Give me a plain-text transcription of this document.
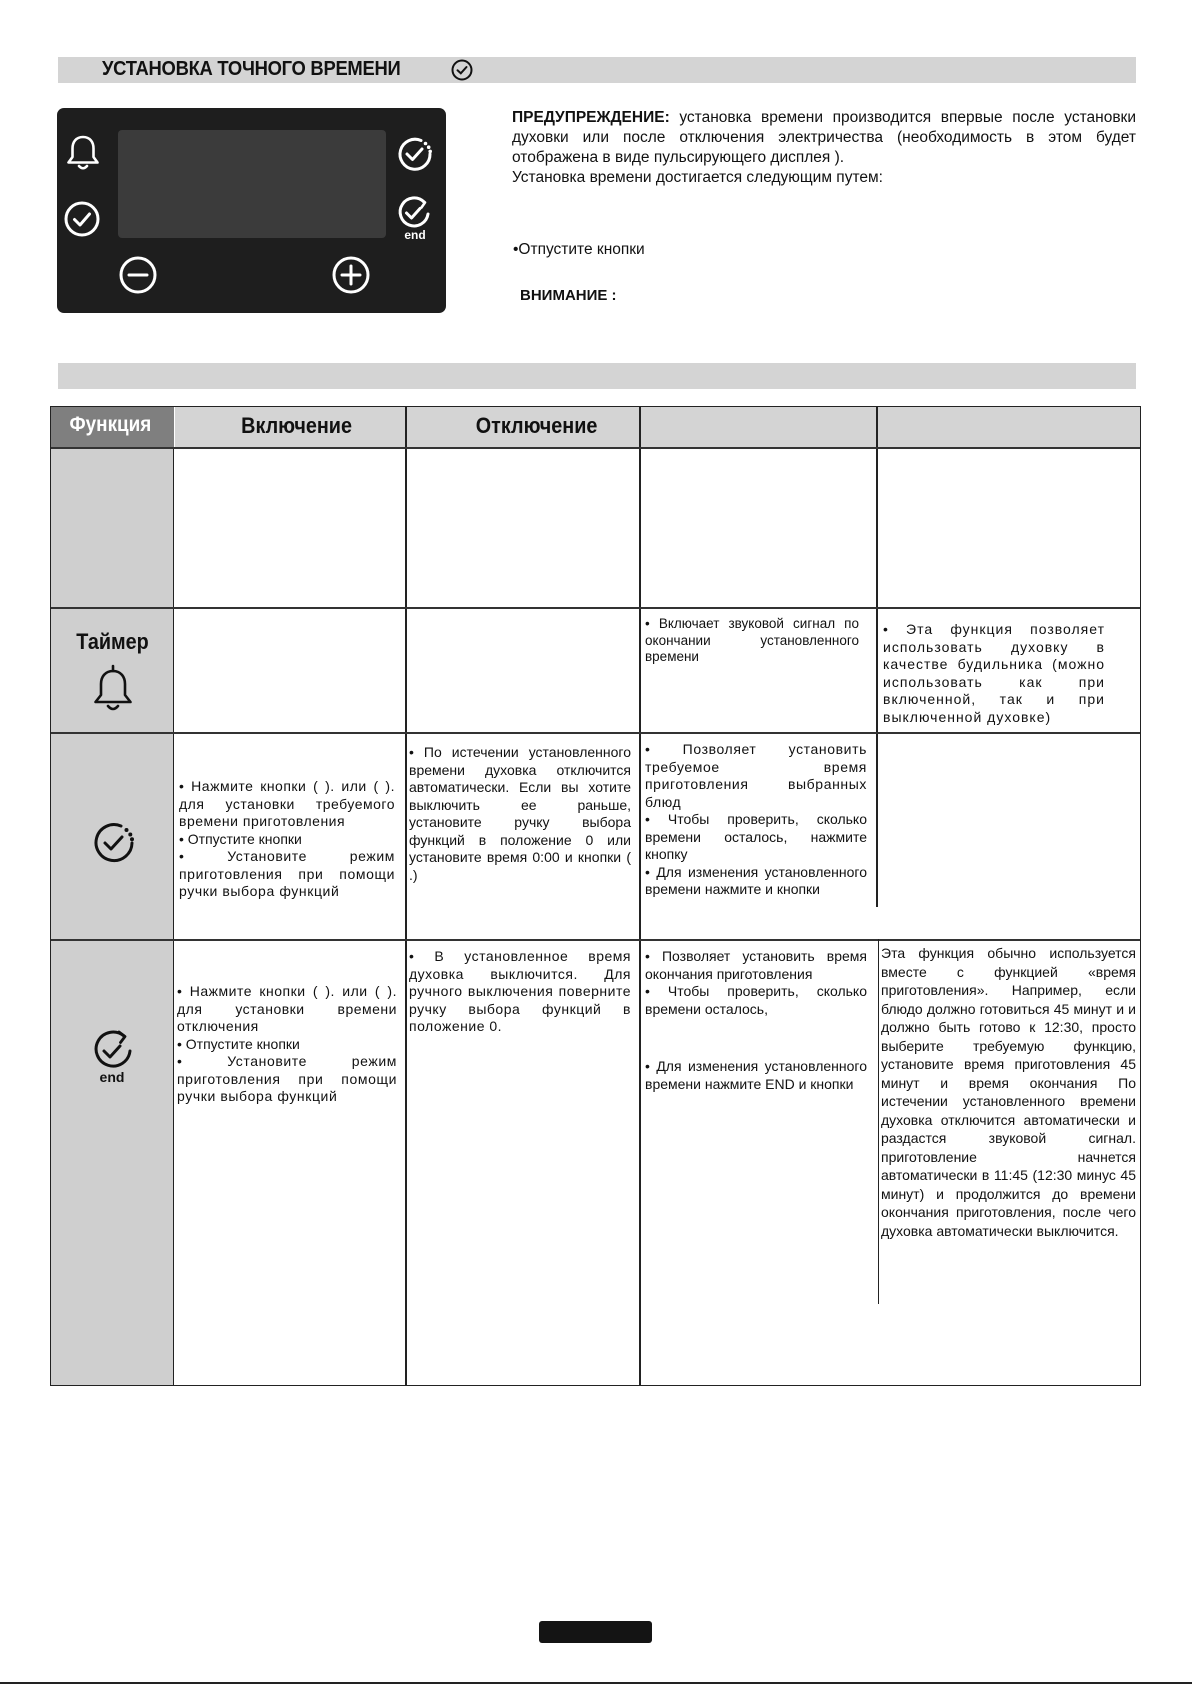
УСТАНОВКА ТОЧНОГО ВРЕМЕНИ
end
ПРЕДУПРЕЖДЕНИЕ: установка времени производится впервые после установки духовки или после отключения электричества (необходимость в этом будет отображена в виде пульсирующего дисплея ).
Установка времени достигается следующим путем:
•Отпустите кнопки
ВНИМАНИЕ :
Функция	Включение	Отключение
Таймер
• Включает звуковой сигнал по окончании установленного времени
• Эта функция позволяет использовать духовку в качестве будильника (можно использовать как при включенной, так и при выключенной духовке)

• Нажмите кнопки ( ). или ( ). для установки требуемого времени приготовления

• Отпустите кнопки

• Установите режим приготовления при помощи ручки выбора функций

• По истечении установленного времени духовка отключится автоматически. Если вы хотите выключить ее раньше, установите ручку выбора функций в положение 0 или установите время 0:00 и кнопки ( .)

• Позволяет установить требуемое время приготовления выбранных блюд

• Чтобы проверить, сколько времени осталось, нажмите кнопку

• Для изменения установленного времени нажмите и кнопки

end

• Нажмите кнопки ( ). или ( ). для установки времени отключения

• Отпустите кнопки

• Установите режим приготовления при помощи ручки выбора функций

• В установленное время духовка выключится. Для ручного выключения поверните ручку выбора функций в положение 0.

• Позволяет установить время окончания приготовления

• Чтобы проверить, сколько времени осталось,

• Для изменения установленного времени нажмите END и кнопки

Эта функция обычно используется вместе с функцией «время приготовления». Например, если блюдо должно готовиться 45 минут и и должно быть готово к 12:30, просто выберите требуемую функцию, установите время приготовления 45 минут и время окончания По истечении установленного времени духовка отключится автоматически и раздастся звуковой сигнал. приготовление начнется автоматически в 11:45 (12:30 минус 45 минут) и продолжится до времени окончания приготовления, после чего духовка автоматически выключится.
